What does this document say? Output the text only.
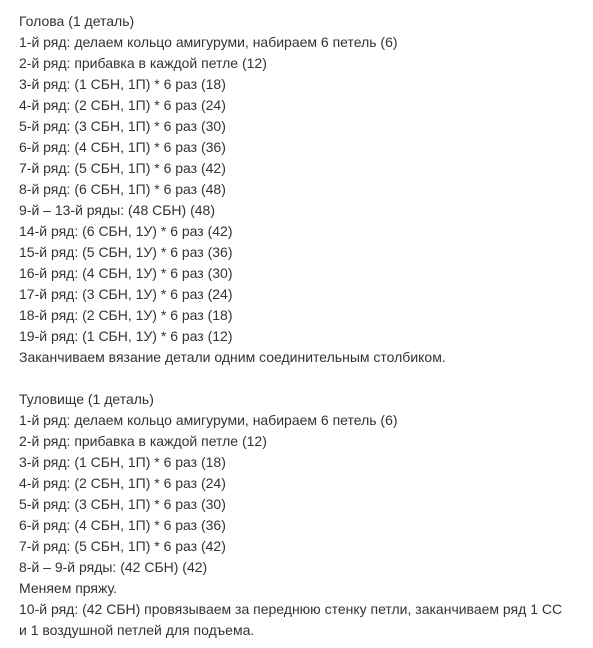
Голова (1 деталь)
1-й ряд: делаем кольцо амигуруми, набираем 6 петель (6)
2-й ряд: прибавка в каждой петле (12)
3-й ряд: (1 СБН, 1П) * 6 раз (18)
4-й ряд: (2 СБН, 1П) * 6 раз (24)
5-й ряд: (3 СБН, 1П) * 6 раз (30)
6-й ряд: (4 СБН, 1П) * 6 раз (36)
7-й ряд: (5 СБН, 1П) * 6 раз (42)
8-й ряд: (6 СБН, 1П) * 6 раз (48)
9-й – 13-й ряды: (48 СБН) (48)
14-й ряд: (6 СБН, 1У) * 6 раз (42)
15-й ряд: (5 СБН, 1У) * 6 раз (36)
16-й ряд: (4 СБН, 1У) * 6 раз (30)
17-й ряд: (3 СБН, 1У) * 6 раз (24)
18-й ряд: (2 СБН, 1У) * 6 раз (18)
19-й ряд: (1 СБН, 1У) * 6 раз (12)
Заканчиваем вязание детали одним соединительным столбиком.
Туловище (1 деталь)
1-й ряд: делаем кольцо амигуруми, набираем 6 петель (6)
2-й ряд: прибавка в каждой петле (12)
3-й ряд: (1 СБН, 1П) * 6 раз (18)
4-й ряд: (2 СБН, 1П) * 6 раз (24)
5-й ряд: (3 СБН, 1П) * 6 раз (30)
6-й ряд: (4 СБН, 1П) * 6 раз (36)
7-й ряд: (5 СБН, 1П) * 6 раз (42)
8-й – 9-й ряды: (42 СБН) (42)
Меняем пряжу.
10-й ряд: (42 СБН) провязываем за переднюю стенку петли, заканчиваем ряд 1 СС
и 1 воздушной петлей для подъема.
